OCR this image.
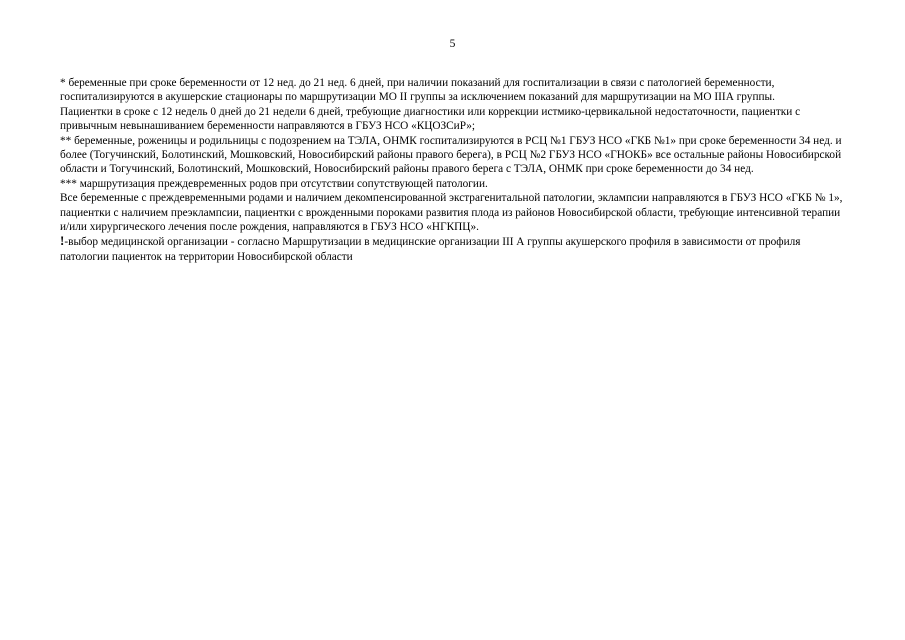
5

* беременные при сроке беременности от 12 нед. до 21 нед. 6 дней, при наличии показаний для госпитализации в связи с патологией беременности, госпитализируются в акушерские стационары по маршрутизации МО II группы за исключением показаний для маршрутизации на МО IIIА группы.

Пациентки в сроке с 12 недель 0 дней до 21 недели 6 дней, требующие диагностики или коррекции истмико-цервикальной недостаточности, пациентки с привычным невынашиванием беременности направляются в ГБУЗ НСО «КЦОЗСиР»;

** беременные, роженицы и родильницы с подозрением на ТЭЛА, ОНМК госпитализируются в РСЦ №1 ГБУЗ НСО «ГКБ №1» при сроке беременности 34 нед. и более (Тогучинский, Болотинский, Мошковский, Новосибирский районы правого берега), в РСЦ №2 ГБУЗ НСО «ГНОКБ» все остальные районы Новосибирской области и Тогучинский, Болотинский, Мошковский, Новосибирский районы правого берега с ТЭЛА, ОНМК при сроке беременности до 34 нед.

*** маршрутизация преждевременных родов при отсутствии сопутствующей патологии.

Все беременные с преждевременными родами и наличием декомпенсированной экстрагенитальной патологии, эклампсии направляются в ГБУЗ НСО «ГКБ № 1», пациентки с наличием преэклампсии, пациентки с врожденными пороками развития плода из районов Новосибирской области, требующие интенсивной терапии и/или хирургического лечения после рождения, направляются в ГБУЗ НСО «НГКПЦ».

!-выбор медицинской организации - согласно Маршрутизации в медицинские организации III А группы акушерского профиля в зависимости от профиля патологии пациенток на территории Новосибирской области
